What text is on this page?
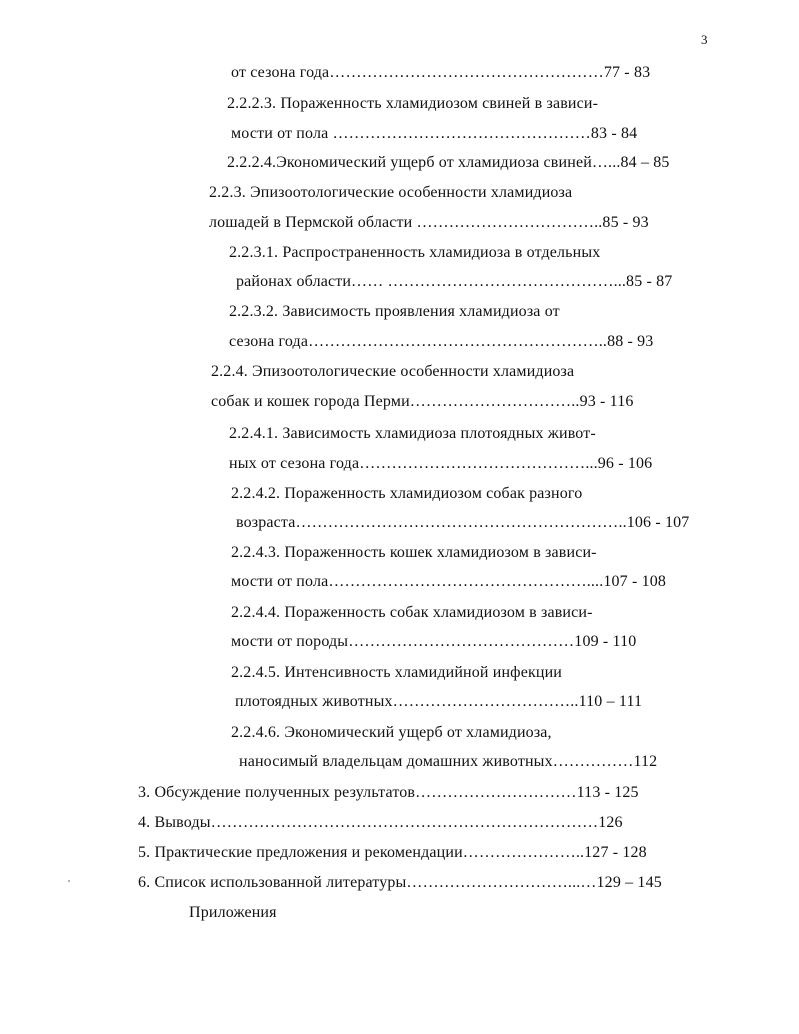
3
от сезона года……………………………………………77 - 83
2.2.2.3. Пораженность хламидиозом свиней в зависи-
мости от пола …………………………………………83 - 84
2.2.2.4.Экономический ущерб от хламидиоза свиней…...84 – 85
2.2.3. Эпизоотологические особенности хламидиоза
лошадей в Пермской области ……………………………..85 - 93
2.2.3.1. Распространенность хламидиоза в отдельных
районах области…… ……………………………………...85 - 87
2.2.3.2. Зависимость проявления хламидиоза от
сезона года………………………………………………..88 - 93
2.2.4. Эпизоотологические особенности хламидиоза
собак и кошек города Перми…………………………..93 - 116
2.2.4.1. Зависимость хламидиоза плотоядных живот-
ных от сезона года……………………………………...96 - 106
2.2.4.2. Пораженность хламидиозом собак разного
возраста……………………………………………………..106 - 107
2.2.4.3. Пораженность кошек хламидиозом в зависи-
мости от пола…………………………………………....107 - 108
2.2.4.4. Пораженность собак хламидиозом в зависи-
мости от породы……………………………………109 - 110
2.2.4.5. Интенсивность хламидийной инфекции
плотоядных животных……………………………..110 – 111
2.2.4.6. Экономический ущерб от хламидиоза,
наносимый владельцам домашних животных……………112
3. Обсуждение полученных результатов…………………………113 - 125
4. Выводы………………………………………………………………126
5. Практические предложения и рекомендации…………………..127 - 128
6. Список использованной литературы…………………………...…129 – 145
Приложения
